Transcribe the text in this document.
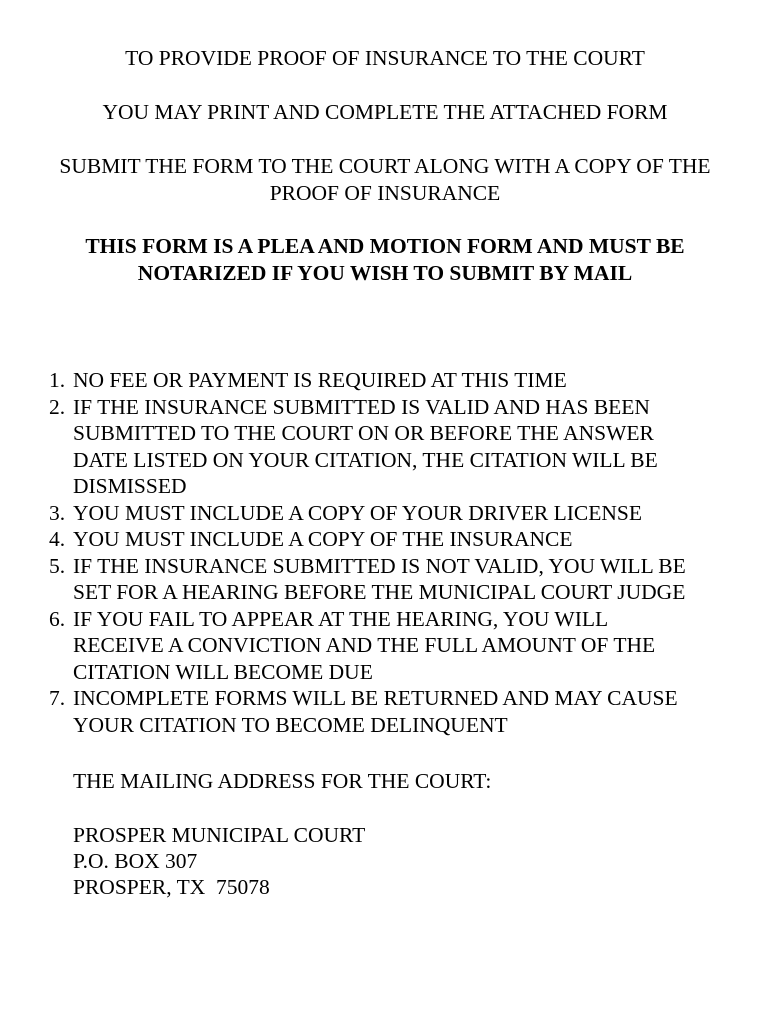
TO PROVIDE PROOF OF INSURANCE TO THE COURT

YOU MAY PRINT AND COMPLETE THE ATTACHED FORM

SUBMIT THE FORM TO THE COURT ALONG WITH A COPY OF THE

PROOF OF INSURANCE

THIS FORM IS A PLEA AND MOTION FORM AND MUST BE

NOTARIZED IF YOU WISH TO SUBMIT BY MAIL

1. NO FEE OR PAYMENT IS REQUIRED AT THIS TIME
2. IF THE INSURANCE SUBMITTED IS VALID AND HAS BEEN
SUBMITTED TO THE COURT ON OR BEFORE THE ANSWER
DATE LISTED ON YOUR CITATION, THE CITATION WILL BE
DISMISSED
3. YOU MUST INCLUDE A COPY OF YOUR DRIVER LICENSE
4. YOU MUST INCLUDE A COPY OF THE INSURANCE
5. IF THE INSURANCE SUBMITTED IS NOT VALID, YOU WILL BE
SET FOR A HEARING BEFORE THE MUNICIPAL COURT JUDGE
6. IF YOU FAIL TO APPEAR AT THE HEARING, YOU WILL
RECEIVE A CONVICTION AND THE FULL AMOUNT OF THE
CITATION WILL BECOME DUE
7. INCOMPLETE FORMS WILL BE RETURNED AND MAY CAUSE
YOUR CITATION TO BECOME DELINQUENT

THE MAILING ADDRESS FOR THE COURT:

PROSPER MUNICIPAL COURT

P.O. BOX 307

PROSPER, TX  75078
